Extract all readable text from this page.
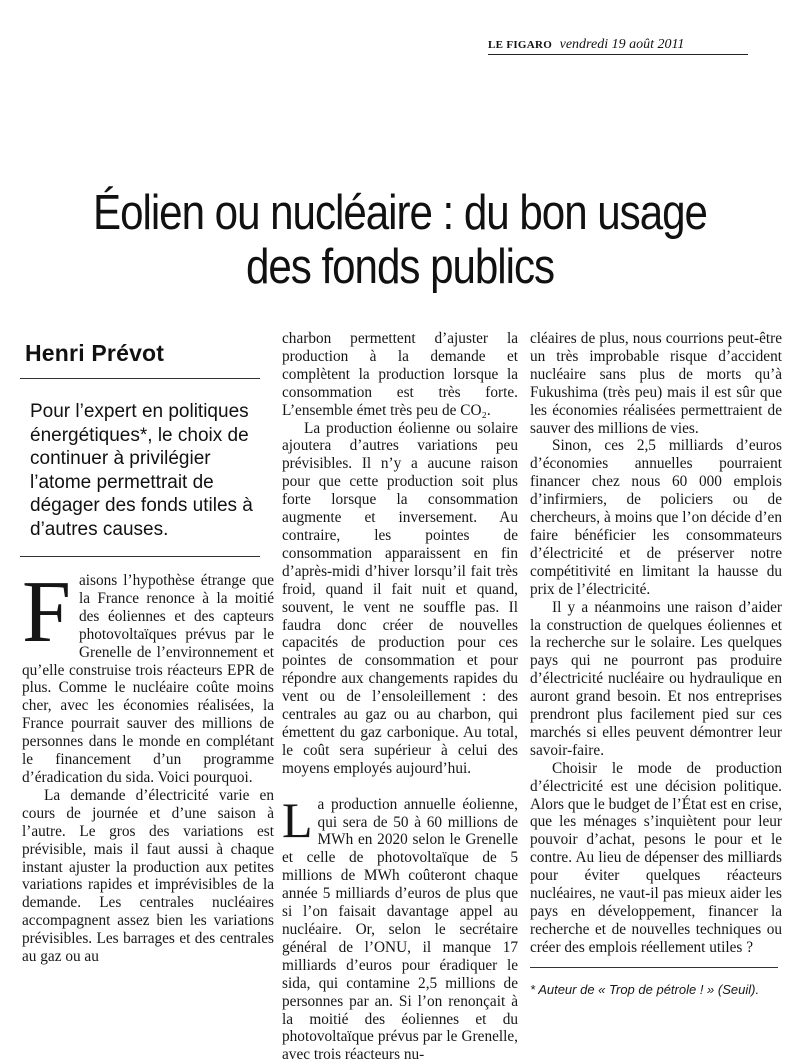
LE FIGARO vendredi 19 août 2011
Éolien ou nucléaire : du bon usage des fonds publics
Henri Prévot
Pour l’expert en politiques énergétiques*, le choix de continuer à privilégier l’atome permettrait de dégager des fonds utiles à d’autres causes.

Faisons l’hypothèse étrange que la France renonce à la moitié des éoliennes et des capteurs photovoltaïques prévus par le Grenelle de l’environnement et qu’elle construise trois réacteurs EPR de plus. Comme le nucléaire coûte moins cher, avec les économies réalisées, la France pourrait sauver des millions de personnes dans le monde en complétant le financement d’un programme d’éradication du sida. Voici pourquoi.

La demande d’électricité varie en cours de journée et d’une saison à l’autre. Le gros des variations est prévisible, mais il faut aussi à chaque instant ajuster la production aux petites variations rapides et imprévisibles de la demande. Les centrales nucléaires accompagnent assez bien les variations prévisibles. Les barrages et des centrales au gaz ou au

charbon permettent d’ajuster la production à la demande et complètent la production lorsque la consommation est très forte. L’ensemble émet très peu de CO₂.

La production éolienne ou solaire ajoutera d’autres variations peu prévisibles. Il n’y a aucune raison pour que cette production soit plus forte lorsque la consommation augmente et inversement. Au contraire, les pointes de consommation apparaissent en fin d’après-midi d’hiver lorsqu’il fait très froid, quand il fait nuit et quand, souvent, le vent ne souffle pas. Il faudra donc créer de nouvelles capacités de production pour ces pointes de consommation et pour répondre aux changements rapides du vent ou de l’ensoleillement : des centrales au gaz ou au charbon, qui émettent du gaz carbonique. Au total, le coût sera supérieur à celui des moyens employés aujourd’hui.

La production annuelle éolienne, qui sera de 50 à 60 millions de MWh en 2020 selon le Grenelle et celle de photovoltaïque de 5 millions de MWh coûteront chaque année 5 milliards d’euros de plus que si l’on faisait davantage appel au nucléaire. Or, selon le secrétaire général de l’ONU, il manque 17 milliards d’euros pour éradiquer le sida, qui contamine 2,5 millions de personnes par an. Si l’on renonçait à la moitié des éoliennes et du photovoltaïque prévus par le Grenelle, avec trois réacteurs nu-

cléaires de plus, nous courrions peut-être un très improbable risque d’accident nucléaire sans plus de morts qu’à Fukushima (très peu) mais il est sûr que les économies réalisées permettraient de sauver des millions de vies.

Sinon, ces 2,5 milliards d’euros d’économies annuelles pourraient financer chez nous 60 000 emplois d’infirmiers, de policiers ou de chercheurs, à moins que l’on décide d’en faire bénéficier les consommateurs d’électricité et de préserver notre compétitivité en limitant la hausse du prix de l’électricité.

Il y a néanmoins une raison d’aider la construction de quelques éoliennes et la recherche sur le solaire. Les quelques pays qui ne pourront pas produire d’électricité nucléaire ou hydraulique en auront grand besoin. Et nos entreprises prendront plus facilement pied sur ces marchés si elles peuvent démontrer leur savoir-faire.

Choisir le mode de production d’électricité est une décision politique. Alors que le budget de l’État est en crise, que les ménages s’inquiètent pour leur pouvoir d’achat, pesons le pour et le contre. Au lieu de dépenser des milliards pour éviter quelques réacteurs nucléaires, ne vaut-il pas mieux aider les pays en développement, financer la recherche et de nouvelles techniques ou créer des emplois réellement utiles ?

* Auteur de « Trop de pétrole ! » (Seuil).
